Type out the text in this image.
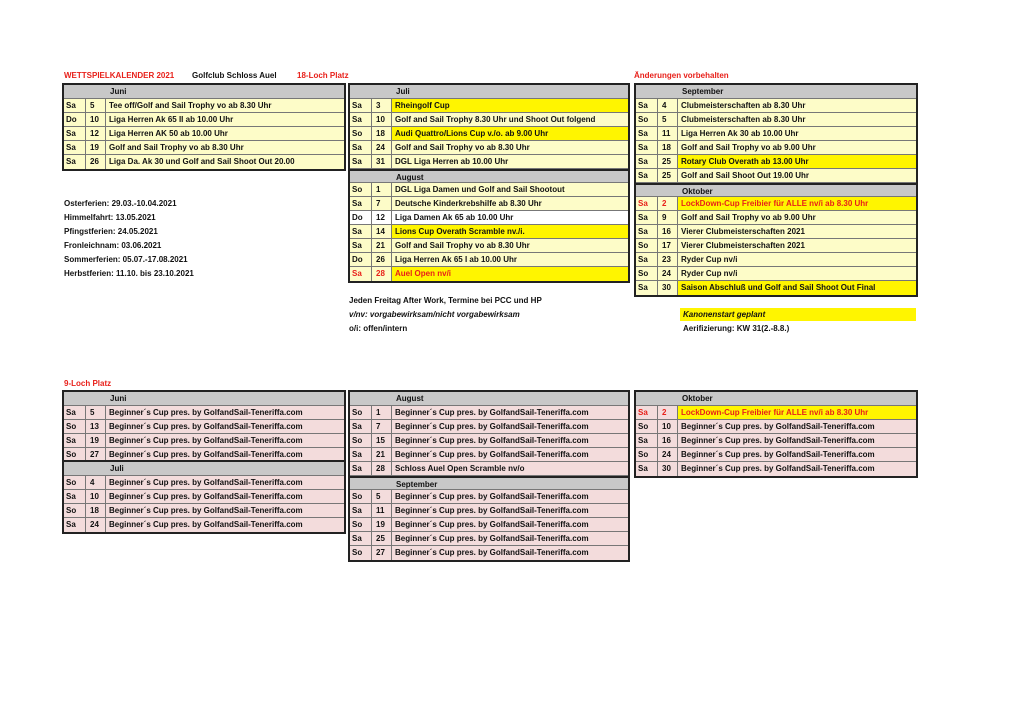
WETTSPIELKALENDER 2021 Golfclub Schloss Auel	18-Loch Platz	Änderungen vorbehalten
Juni
Sa	5	Tee off/Golf and Sail Trophy vo ab 8.30 Uhr
Do	10	Liga Herren Ak 65 II ab 10.00 Uhr
Sa	12	Liga Herren AK 50 ab 10.00 Uhr
Sa	19	Golf and Sail Trophy vo ab 8.30 Uhr
Sa	26	Liga Da. Ak 30 und Golf and Sail Shoot Out 20.00
Juli
Sa	3	Rheingolf Cup
Sa	10	Golf and Sail Trophy 8.30 Uhr und Shoot Out folgend
So	18	Audi Quattro/Lions Cup v./o. ab 9.00 Uhr
Sa	24	Golf and Sail Trophy vo ab 8.30 Uhr
Sa	31	DGL Liga Herren ab 10.00 Uhr
August
So	1	DGL Liga Damen und Golf and Sail Shootout
Sa	7	Deutsche Kinderkrebshilfe ab 8.30 Uhr
Do	12	Liga Damen Ak 65 ab 10.00 Uhr
Sa	14	Lions Cup Overath Scramble nv./i.
Sa	21	Golf and Sail Trophy vo ab 8.30 Uhr
Do	26	Liga Herren Ak 65 I ab 10.00 Uhr
Sa	28	Auel Open nv/i
September
Sa	4	Clubmeisterschaften ab 8.30 Uhr
So	5	Clubmeisterschaften ab 8.30 Uhr
Sa	11	Liga Herren Ak 30 ab 10.00 Uhr
Sa	18	Golf and Sail Trophy vo ab 9.00 Uhr
Sa	25	Rotary Club Overath ab 13.00 Uhr
Sa	25	Golf and Sail Shoot Out 19.00 Uhr
Oktober
Sa	2	LockDown-Cup Freibier für ALLE nv/i ab 8.30 Uhr
Sa	9	Golf and Sail Trophy vo ab 9.00 Uhr
Sa	16	Vierer Clubmeisterschaften 2021
So	17	Vierer Clubmeisterschaften 2021
Sa	23	Ryder Cup nv/i
So	24	Ryder Cup nv/i
Sa	30	Saison Abschluß und Golf and Sail Shoot Out Final
Osterferien: 29.03.-10.04.2021
Himmelfahrt: 13.05.2021
Pfingstferien: 24.05.2021
Fronleichnam: 03.06.2021
Sommerferien: 05.07.-17.08.2021
Herbstferien: 11.10. bis 23.10.2021
Jeden Freitag After Work, Termine bei PCC und HP
v/nv: vorgabewirksam/nicht vorgabewirksam
o/i: offen/intern
Kanonenstart geplant
Aerifizierung: KW 31(2.-8.8.)
9-Loch Platz
Juni
Sa	5	Beginner´s Cup pres. by GolfandSail-Teneriffa.com
So	13	Beginner´s Cup pres. by GolfandSail-Teneriffa.com
Sa	19	Beginner´s Cup pres. by GolfandSail-Teneriffa.com
So	27	Beginner´s Cup pres. by GolfandSail-Teneriffa.com
Juli
So	4	Beginner´s Cup pres. by GolfandSail-Teneriffa.com
Sa	10	Beginner´s Cup pres. by GolfandSail-Teneriffa.com
So	18	Beginner´s Cup pres. by GolfandSail-Teneriffa.com
Sa	24	Beginner´s Cup pres. by GolfandSail-Teneriffa.com
August
So	1	Beginner´s Cup pres. by GolfandSail-Teneriffa.com
Sa	7	Beginner´s Cup pres. by GolfandSail-Teneriffa.com
So	15	Beginner´s Cup pres. by GolfandSail-Teneriffa.com
Sa	21	Beginner´s Cup pres. by GolfandSail-Teneriffa.com
Sa	28	Schloss Auel Open Scramble nv/o
September
So	5	Beginner´s Cup pres. by GolfandSail-Teneriffa.com
Sa	11	Beginner´s Cup pres. by GolfandSail-Teneriffa.com
So	19	Beginner´s Cup pres. by GolfandSail-Teneriffa.com
Sa	25	Beginner´s Cup pres. by GolfandSail-Teneriffa.com
So	27	Beginner´s Cup pres. by GolfandSail-Teneriffa.com
Oktober
Sa	2	LockDown-Cup Freibier für ALLE nv/i ab 8.30 Uhr
So	10	Beginner´s Cup pres. by GolfandSail-Teneriffa.com
Sa	16	Beginner´s Cup pres. by GolfandSail-Teneriffa.com
So	24	Beginner´s Cup pres. by GolfandSail-Teneriffa.com
Sa	30	Beginner´s Cup pres. by GolfandSail-Teneriffa.com
